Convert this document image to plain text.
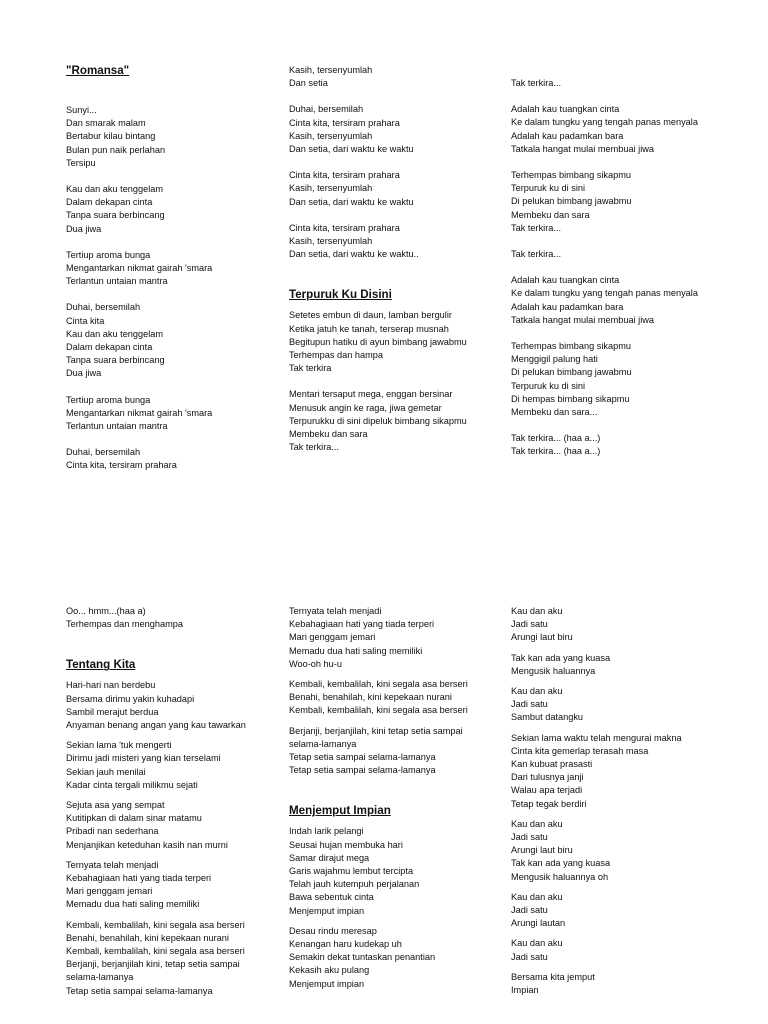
"Romansa"
Sunyi...
Dan smarak malam
Bertabur kilau bintang
Bulan pun naik perlahan
Tersipu
Kau dan aku tenggelam
Dalam dekapan cinta
Tanpa suara berbincang
Dua jiwa
Tertiup aroma bunga
Mengantarkan nikmat gairah 'smara
Terlantun untaian mantra
Duhai, bersemilah
Cinta kita
Kau dan aku tenggelam
Dalam dekapan cinta
Tanpa suara berbincang
Dua jiwa
Tertiup aroma bunga
Mengantarkan nikmat gairah 'smara
Terlantun untaian mantra
Duhai, bersemilah
Cinta kita, tersiram prahara
Kasih, tersenyumlah
Dan setia
Duhai, bersemilah
Cinta kita, tersiram prahara
Kasih, tersenyumlah
Dan setia, dari waktu ke waktu
Cinta kita, tersiram prahara
Kasih, tersenyumlah
Dan setia, dari waktu ke waktu
Cinta kita, tersiram prahara
Kasih, tersenyumlah
Dan setia, dari waktu ke waktu..
Terpuruk Ku Disini
Setetes embun di daun, lamban bergulir
Ketika jatuh ke tanah, terserap musnah
Begitupun hatiku di ayun bimbang jawabmu
Terhempas dan hampa
Tak terkira
Mentari tersaput mega, enggan bersinar
Menusuk angin ke raga, jiwa gemetar
Terpurukku di sini dipeluk bimbang sikapmu
Membeku dan sara
Tak terkira...
Tak terkira...
Adalah kau tuangkan cinta
Ke dalam tungku yang tengah panas menyala
Adalah kau padamkan bara
Tatkala hangat mulai membuai jiwa
Terhempas bimbang sikapmu
Terpuruk ku di sini
Di pelukan bimbang jawabmu
Membeku dan sara
Tak terkira...
Tak terkira...
Adalah kau tuangkan cinta
Ke dalam tungku yang tengah panas menyala
Adalah kau padamkan bara
Tatkala hangat mulai membuai jiwa
Terhempas bimbang sikapmu
Menggigil palung hati
Di pelukan bimbang jawabmu
Terpuruk ku di sini
Di hempas bimbang sikapmu
Membeku dan sara...
Tak terkira... (haa a...)
Tak terkira... (haa a...)
Oo... hmm...(haa a)
Terhempas dan menghampa
Tentang Kita
Hari-hari nan berdebu
Bersama dirimu yakin kuhadapi
Sambil merajut berdua
Anyaman benang angan yang kau tawarkan
Sekian lama 'tuk mengerti
Dirimu jadi misteri yang kian terselami
Sekian jauh menilai
Kadar cinta tergali milikmu sejati
Sejuta asa yang sempat
Kutitipkan di dalam sinar matamu
Pribadi nan sederhana
Menjanjikan keteduhan kasih nan murni
Ternyata telah menjadi
Kebahagiaan hati yang tiada terperi
Mari genggam jemari
Memadu dua hati saling memiliki
Kembali, kembalilah, kini segala asa berseri
Benahi, benahilah, kini kepekaan nurani
Kembali, kembalilah, kini segala asa berseri
Berjanji, berjanjilah kini, tetap setia sampai
selama-lamanya
Tetap setia sampai selama-lamanya
Ternyata telah menjadi
Kebahagiaan hati yang tiada terperi
Mari genggam jemari
Memadu dua hati saling memiliki
Woo-oh hu-u
Kembali, kembalilah, kini segala asa berseri
Benahi, benahilah, kini kepekaan nurani
Kembali, kembalilah, kini segala asa berseri
Berjanji, berjanjilah, kini tetap setia sampai
selama-lamanya
Tetap setia sampai selama-lamanya
Tetap setia sampai selama-lamanya
Menjemput Impian
Indah larik pelangi
Seusai hujan membuka hari
Samar dirajut mega
Garis wajahmu lembut tercipta
Telah jauh kutempuh perjalanan
Bawa sebentuk cinta
Menjemput impian
Desau rindu meresap
Kenangan haru kudekap uh
Semakin dekat tuntaskan penantian
Kekasih aku pulang
Menjemput impian
Kau dan aku
Jadi satu
Arungi laut biru
Tak kan ada yang kuasa
Mengusik haluannya
Kau dan aku
Jadi satu
Sambut datangku
Sekian lama waktu telah mengurai makna
Cinta kita gemerlap terasah masa
Kan kubuat prasasti
Dari tulusnya janji
Walau apa terjadi
Tetap tegak berdiri
Kau dan aku
Jadi satu
Arungi laut biru
Tak kan ada yang kuasa
Mengusik haluannya oh
Kau dan aku
Jadi satu
Arungi lautan
Kau dan aku
Jadi satu
Bersama kita jemput
Impian
